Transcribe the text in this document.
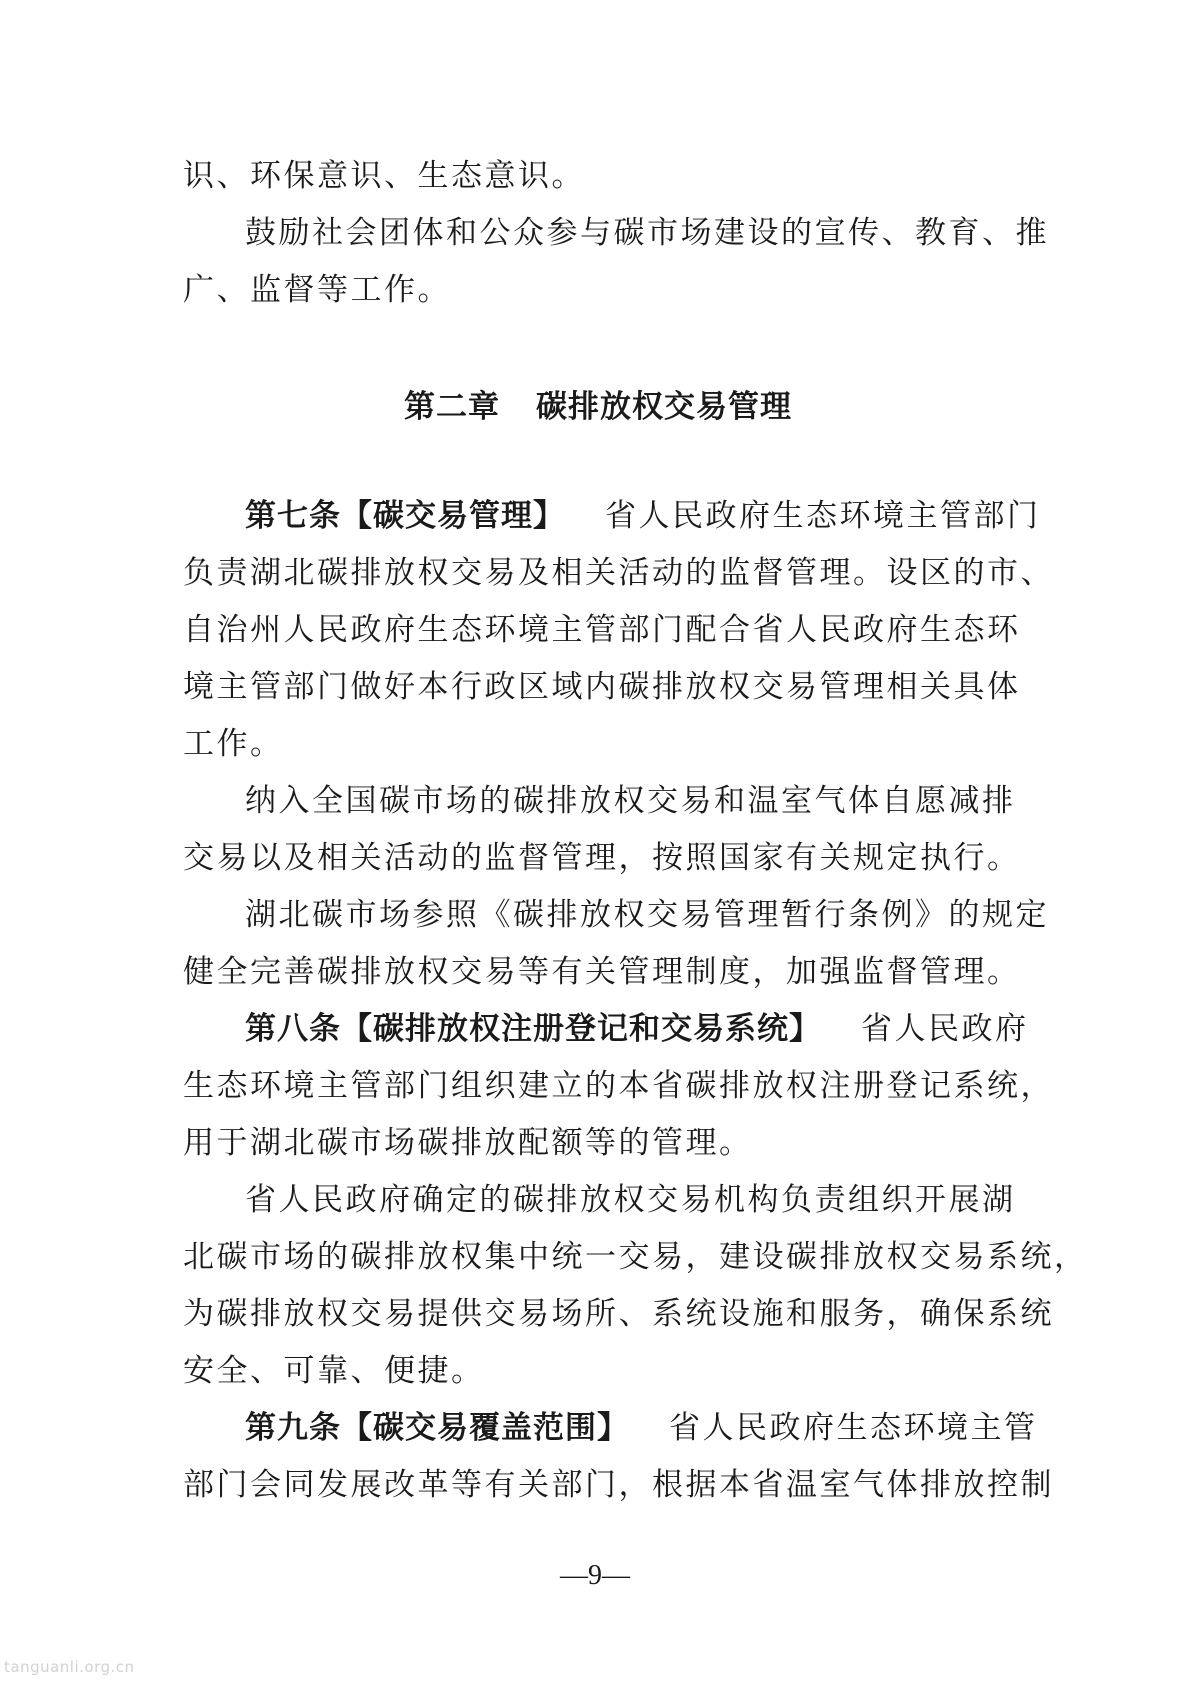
识、环保意识、生态意识。
鼓励社会团体和公众参与碳市场建设的宣传、教育、推
广、监督等工作。
第二章 碳排放权交易管理
第七条【碳交易管理】 省人民政府生态环境主管部门
负责湖北碳排放权交易及相关活动的监督管理。设区的市、
自治州人民政府生态环境主管部门配合省人民政府生态环
境主管部门做好本行政区域内碳排放权交易管理相关具体
工作。
纳入全国碳市场的碳排放权交易和温室气体自愿减排
交易以及相关活动的监督管理，按照国家有关规定执行。
湖北碳市场参照《碳排放权交易管理暂行条例》的规定
健全完善碳排放权交易等有关管理制度，加强监督管理。
第八条【碳排放权注册登记和交易系统】 省人民政府
生态环境主管部门组织建立的本省碳排放权注册登记系统，
用于湖北碳市场碳排放配额等的管理。
省人民政府确定的碳排放权交易机构负责组织开展湖
北碳市场的碳排放权集中统一交易，建设碳排放权交易系统，
为碳排放权交易提供交易场所、系统设施和服务，确保系统
安全、可靠、便捷。
第九条【碳交易覆盖范围】 省人民政府生态环境主管
部门会同发展改革等有关部门，根据本省温室气体排放控制
—9—
tanguanli.org.cn
